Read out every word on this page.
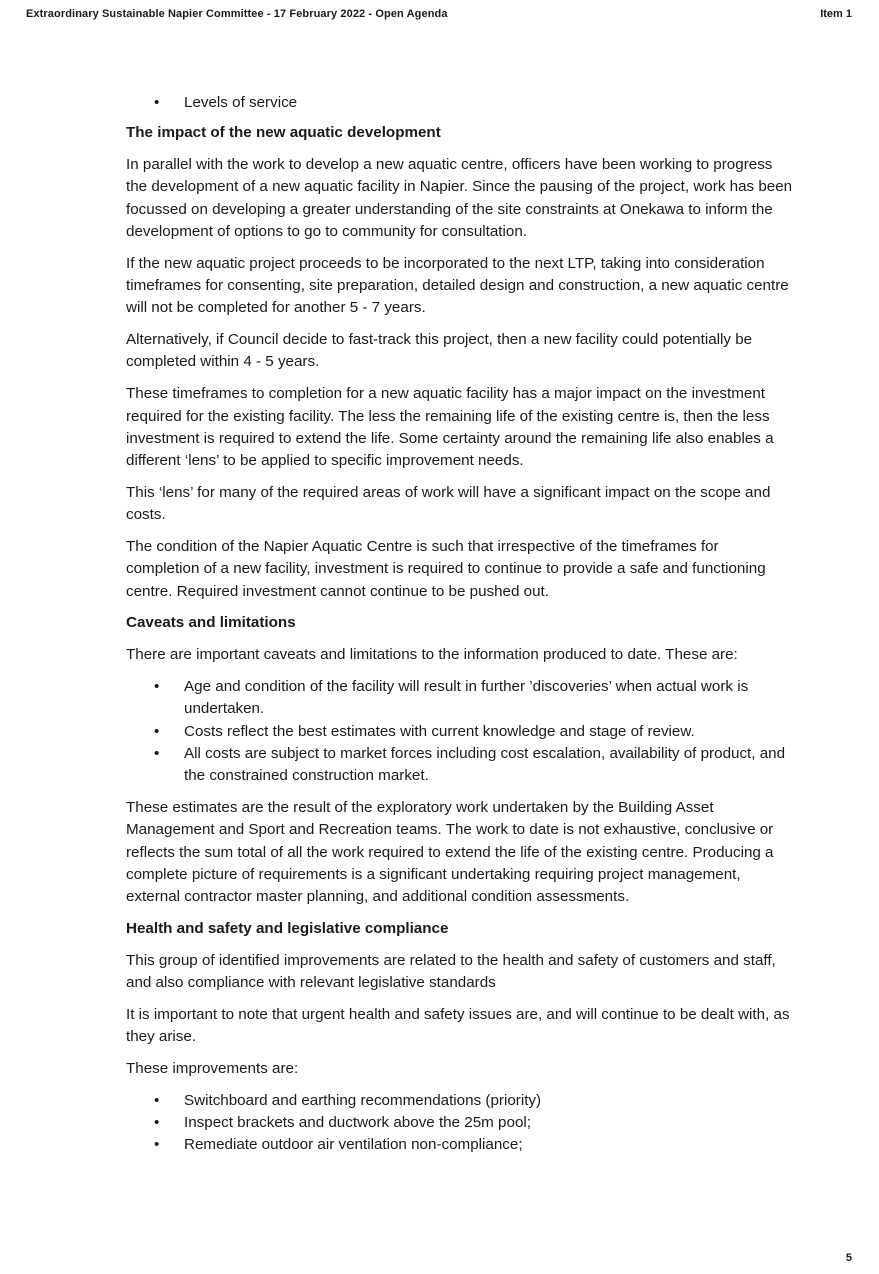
Extraordinary Sustainable Napier Committee - 17 February 2022 - Open Agenda	Item 1
• Levels of service
The impact of the new aquatic development

In parallel with the work to develop a new aquatic centre, officers have been working to progress the development of a new aquatic facility in Napier. Since the pausing of the project, work has been focussed on developing a greater understanding of the site constraints at Onekawa to inform the development of options to go to community for consultation.

If the new aquatic project proceeds to be incorporated to the next LTP, taking into consideration timeframes for consenting, site preparation, detailed design and construction, a new aquatic centre will not be completed for another 5 - 7 years.

Alternatively, if Council decide to fast-track this project, then a new facility could potentially be completed within 4 - 5 years.

These timeframes to completion for a new aquatic facility has a major impact on the investment required for the existing facility. The less the remaining life of the existing centre is, then the less investment is required to extend the life. Some certainty around the remaining life also enables a different ‘lens’ to be applied to specific improvement needs.

This ‘lens’ for many of the required areas of work will have a significant impact on the scope and costs.

The condition of the Napier Aquatic Centre is such that irrespective of the timeframes for completion of a new facility, investment is required to continue to provide a safe and functioning centre. Required investment cannot continue to be pushed out.

Caveats and limitations

There are important caveats and limitations to the information produced to date. These are:

• Age and condition of the facility will result in further ’discoveries’ when actual work is undertaken.
• Costs reflect the best estimates with current knowledge and stage of review.
• All costs are subject to market forces including cost escalation, availability of product, and the constrained construction market.

These estimates are the result of the exploratory work undertaken by the Building Asset Management and Sport and Recreation teams. The work to date is not exhaustive, conclusive or reflects the sum total of all the work required to extend the life of the existing centre. Producing a complete picture of requirements is a significant undertaking requiring project management, external contractor master planning, and additional condition assessments.

Health and safety and legislative compliance

This group of identified improvements are related to the health and safety of customers and staff, and also compliance with relevant legislative standards

It is important to note that urgent health and safety issues are, and will continue to be dealt with, as they arise.

These improvements are:

• Switchboard and earthing recommendations (priority)
• Inspect brackets and ductwork above the 25m pool;
• Remediate outdoor air ventilation non-compliance;
5
